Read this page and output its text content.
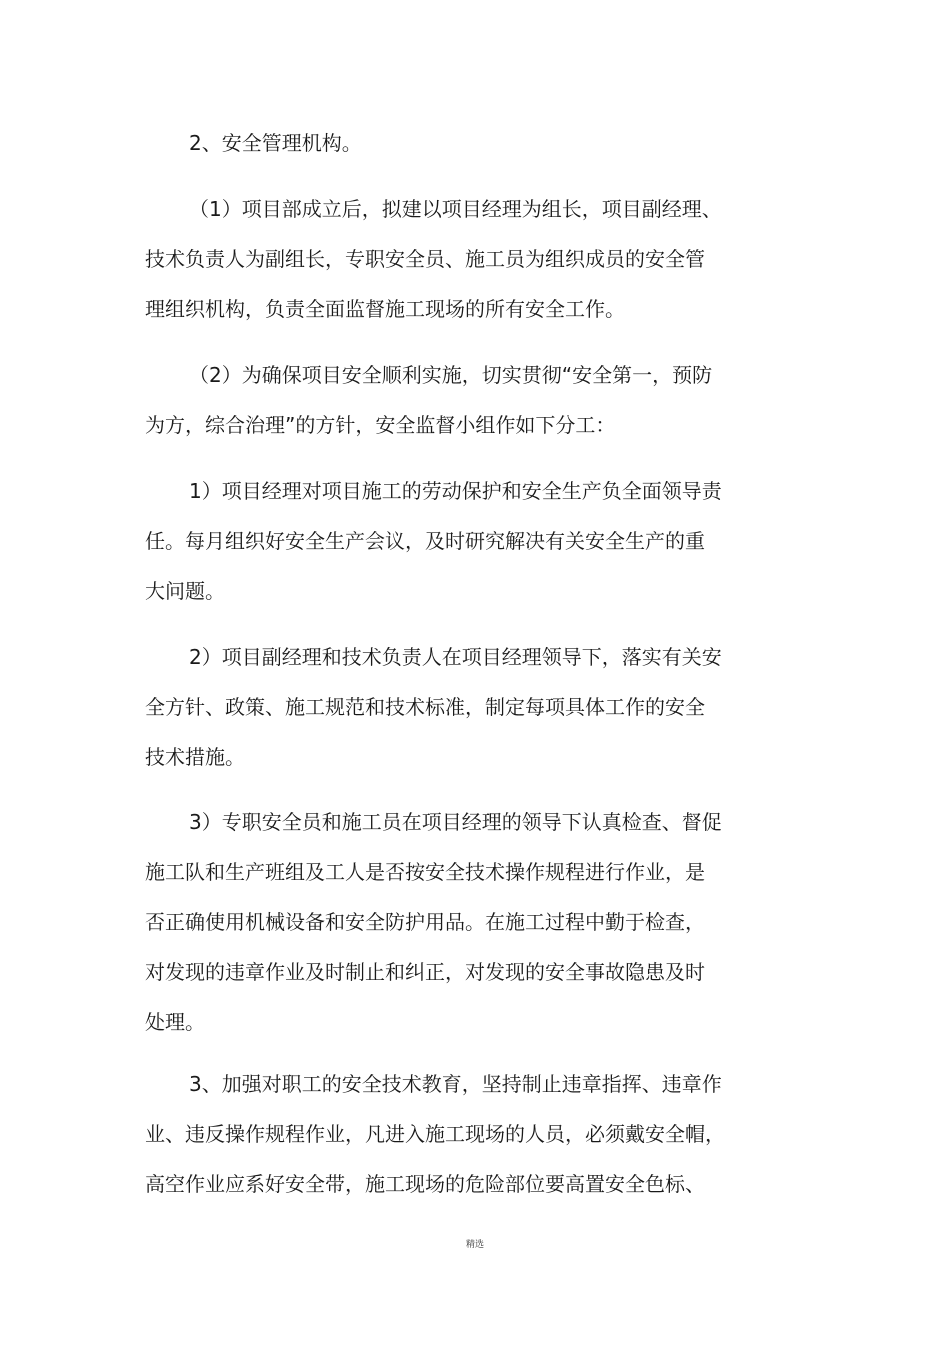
2、安全管理机构。

（1）项目部成立后，拟建以项目经理为组长，项目副经理、
技术负责人为副组长，专职安全员、施工员为组织成员的安全管
理组织机构，负责全面监督施工现场的所有安全工作。

（2）为确保项目安全顺利实施，切实贯彻“安全第一，预防
为方，综合治理”的方针，安全监督小组作如下分工：

1）项目经理对项目施工的劳动保护和安全生产负全面领导责
任。每月组织好安全生产会议，及时研究解决有关安全生产的重
大问题。

2）项目副经理和技术负责人在项目经理领导下，落实有关安
全方针、政策、施工规范和技术标准，制定每项具体工作的安全
技术措施。

3）专职安全员和施工员在项目经理的领导下认真检查、督促
施工队和生产班组及工人是否按安全技术操作规程进行作业，是
否正确使用机械设备和安全防护用品。在施工过程中勤于检查，
对发现的违章作业及时制止和纠正，对发现的安全事故隐患及时
处理。

3、加强对职工的安全技术教育，坚持制止违章指挥、违章作
业、违反操作规程作业，凡进入施工现场的人员，必须戴安全帽，
高空作业应系好安全带，施工现场的危险部位要高置安全色标、

精选
